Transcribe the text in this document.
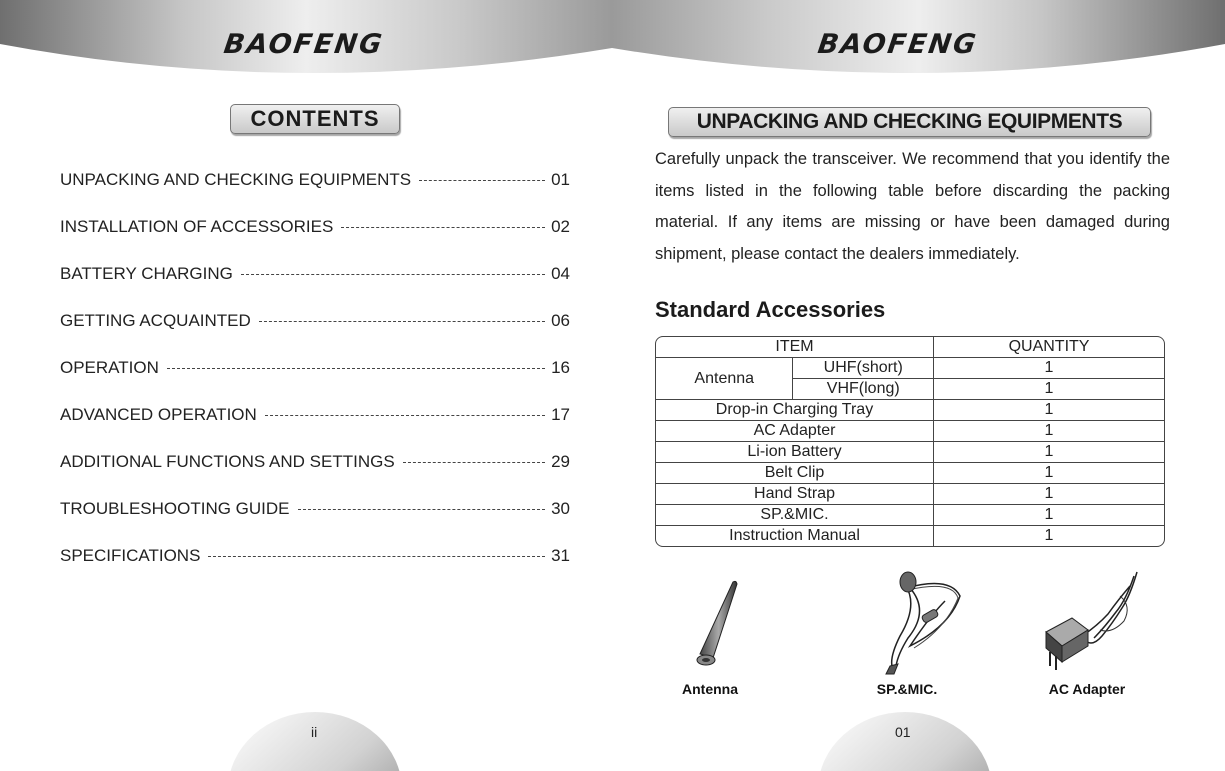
BAOFENG
CONTENTS
UNPACKING AND CHECKING EQUIPMENTS	01
INSTALLATION OF ACCESSORIES	02
BATTERY CHARGING	04
GETTING ACQUAINTED	06
OPERATION	16
ADVANCED OPERATION	17
ADDITIONAL FUNCTIONS AND SETTINGS	29
TROUBLESHOOTING GUIDE	30
SPECIFICATIONS	31
ii
BAOFENG
UNPACKING AND CHECKING EQUIPMENTS

Carefully unpack the transceiver. We recommend that you identify the items listed in the following table before discarding the packing material. If any items are missing or have been damaged during shipment, please contact the dealers immediately.

Standard Accessories
ITEM		QUANTITY
Antenna	UHF(short)	1
	VHF(long)	1
Drop-in Charging Tray		1
AC Adapter		1
Li-ion Battery		1
Belt Clip		1
Hand Strap		1
SP.&MIC.		1
Instruction Manual		1
Antenna	SP.&MIC.	AC Adapter
01
